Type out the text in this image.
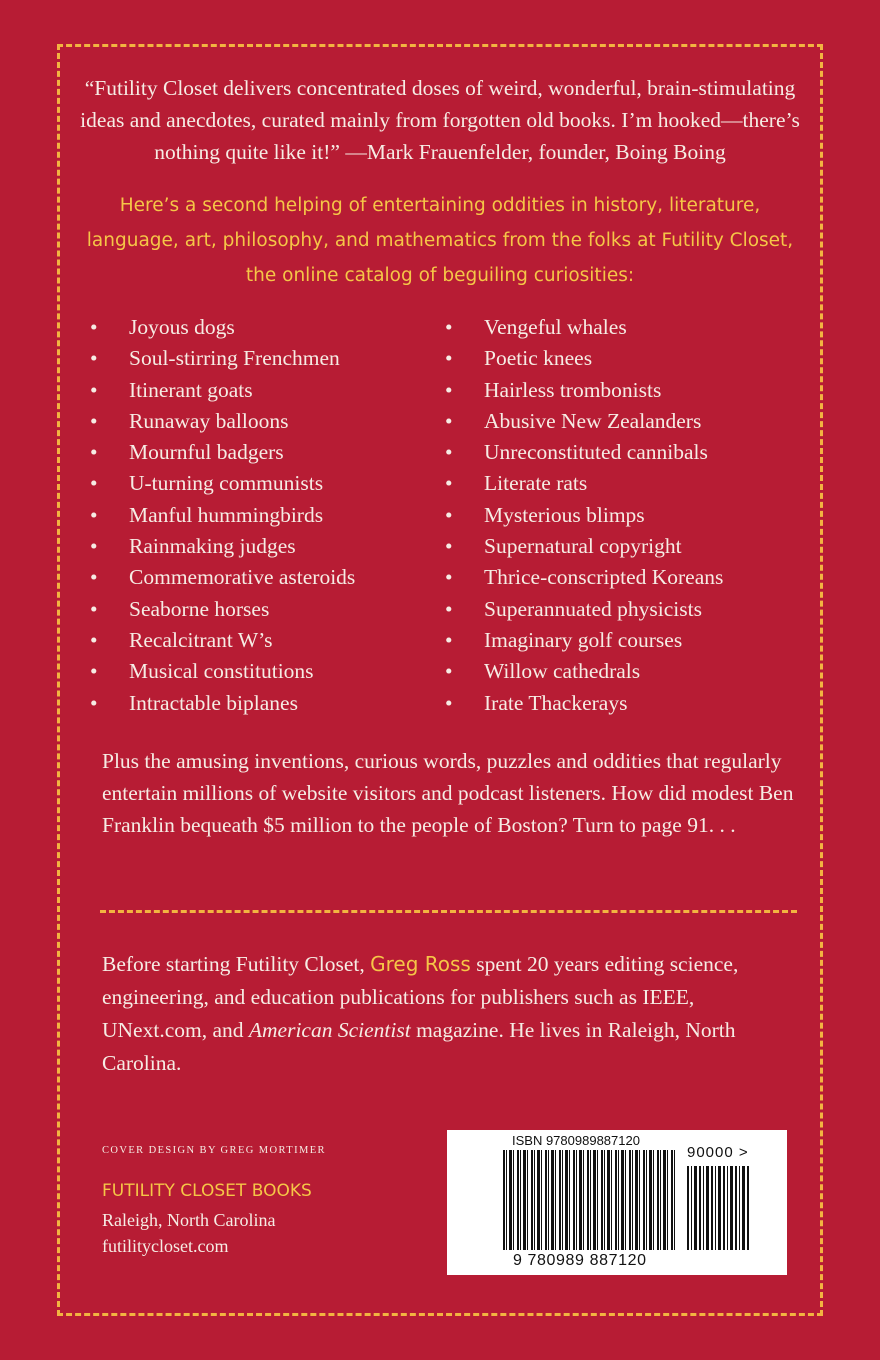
“Futility Closet delivers concentrated doses of weird, wonderful, brain-stimulating ideas and anecdotes, curated mainly from forgotten old books. I’m hooked—there’s nothing quite like it!” —Mark Frauenfelder, founder, Boing Boing

Here’s a second helping of entertaining oddities in history, literature, language, art, philosophy, and mathematics from the folks at Futility Closet, the online catalog of beguiling curiosities:

• Joyous dogs
• Soul-stirring Frenchmen
• Itinerant goats
• Runaway balloons
• Mournful badgers
• U-turning communists
• Manful hummingbirds
• Rainmaking judges
• Commemorative asteroids
• Seaborne horses
• Recalcitrant W’s
• Musical constitutions
• Intractable biplanes
• Vengeful whales
• Poetic knees
• Hairless trombonists
• Abusive New Zealanders
• Unreconstituted cannibals
• Literate rats
• Mysterious blimps
• Supernatural copyright
• Thrice-conscripted Koreans
• Superannuated physicists
• Imaginary golf courses
• Willow cathedrals
• Irate Thackerays

Plus the amusing inventions, curious words, puzzles and oddities that regularly entertain millions of website visitors and podcast listeners. How did modest Ben Franklin bequeath $5 million to the people of Boston? Turn to page 91. . .

Before starting Futility Closet, Greg Ross spent 20 years editing science, engineering, and education publications for publishers such as IEEE, UNext.com, and American Scientist magazine. He lives in Raleigh, North Carolina.

COVER DESIGN BY GREG MORTIMER
FUTILITY CLOSET BOOKS
Raleigh, North Carolina
futilitycloset.com
ISBN 9780989887120
90000 >
9 780989 887120
